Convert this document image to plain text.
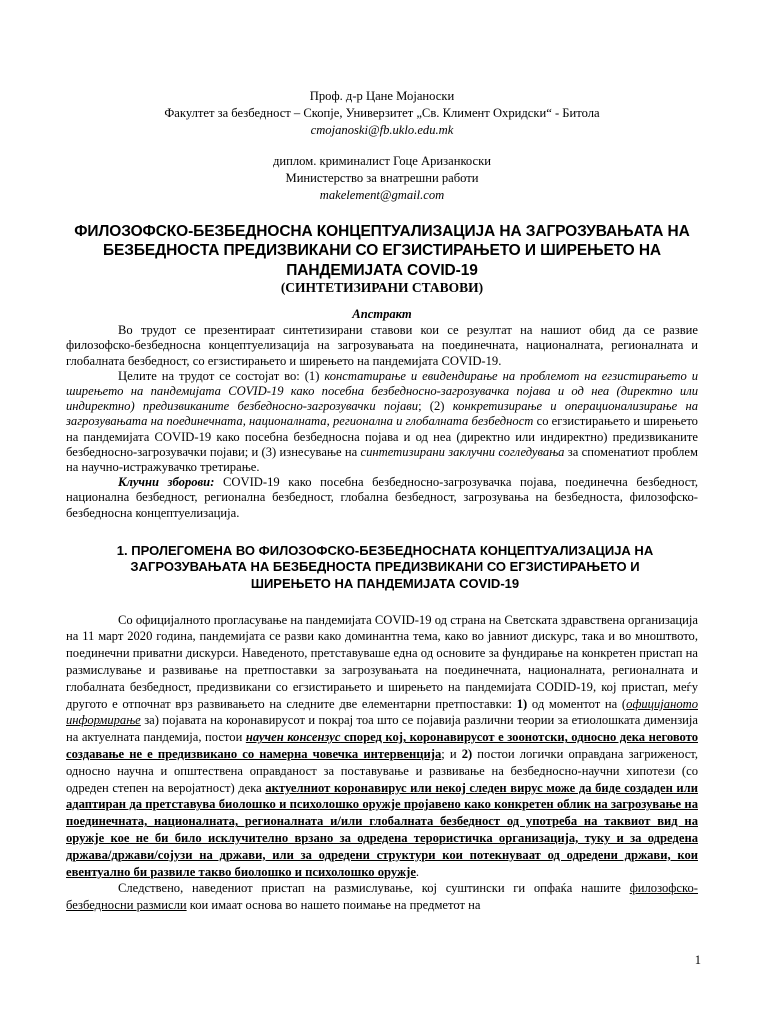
Проф. д-р Цане Мојаноски

Факултет за безбедност – Скопје, Универзитет „Св. Климент Охридски“ - Битола

cmojanoski@fb.uklo.edu.mk

диплом. криминалист Гоце Аризанкоски

Министерство за внатрешни работи

makelement@gmail.com

ФИЛОЗОФСКО-БЕЗБЕДНОСНА КОНЦЕПТУАЛИЗАЦИЈА НА ЗАГРОЗУВАЊАТА НА БЕЗБЕДНОСТА ПРЕДИЗВИКАНИ СО ЕГЗИСТИРАЊЕТО И ШИРЕЊЕТО НА ПАНДЕМИЈАТА COVID-19
(СИНТЕТИЗИРАНИ СТАВОВИ)
Апстракт

Во трудот се презентираат синтетизирани ставови кои се резултат на нашиот обид да се развие филозофско-безбедносна концептуелизација на загрозувањата на поединечната, националната, регионалната и глобалната безбедност, со егзистирањето и ширењето на пандемијата COVID-19.

Целите на трудот се состојат во: (1) констатирање и евидендирање на проблемот на егзистирањето и ширењето на пандемијата COVID-19 како посебна безбедносно-загрозувачка појава и од неа (директно или индиректно) предизвиканите безбедносно-загрозувачки појави; (2) конкретизирање и операционализирање на загрозувањата на поединечната, националната, регионална и глобалната безбедност со егзистирањето и ширењето на пандемијата COVID-19 како посебна безбедносна појава и од неа (директно или индиректно) предизвиканите безбедносно-загрозувачки појави; и (3) изнесување на синтетизирани заклучни согледувања за споменатиот проблем на научно-истражувачко третирање.

Клучни зборови: COVID-19 како посебна безбедносно-загрозувачка појава, поединечна безбедност, национална безбедност, регионална безбедност, глобална безбедност, загрозувања на безбедноста, филозофско-безбедносна концептуелизација.

1. ПРОЛЕГОМЕНА ВО ФИЛОЗОФСКО-БЕЗБЕДНОСНАТА КОНЦЕПТУАЛИЗАЦИЈА НА ЗАГРОЗУВАЊАТА НА БЕЗБЕДНОСТА ПРЕДИЗВИКАНИ СО ЕГЗИСТИРАЊЕТО И ШИРЕЊЕТО НА ПАНДЕМИЈАТА COVID-19

Со официјалното прогласување на пандемијата COVID-19 од страна на Светската здравствена организација на 11 март 2020 година, пандемијата се разви како доминантна тема, како во јавниот дискурс, така и во мноштвото, поединечни приватни дискурси. Наведеното, претставуваше една од основите за фундирање на конкретен пристап на размислување и развивање на претпоставки за загрозувањата на поединечната, националната, регионалната и глобалната безбедност, предизвикани со егзистирањето и ширењето на пандемијата CODID-19, кој пристап, меѓу другото е отпочнат врз развивањето на следните две елементарни претпоставки: 1) од моментот на (официјаното информирање за) појавата на коронавирусот и покрај тоа што се појавија различни теории за етиолошката димензија на актуелната пандемија, постои научен консензус според кој, коронавирусот е зоонотски, односно дека неговото создавање не е предизвикано со намерна човечка интервенција; и 2) постои логички оправдана загриженост, односно научна и општествена оправданост за поставување и развивање на безбедносно-научни хипотези (со одреден степен на веројатност) дека актуелниот коронавирус или некој следен вирус може да биде создаден или адаптиран да претставува биолошко и психолошко оружје пројавено како конкретен облик на загрозување на поединечната, националната, регионалната и/или глобалната безбедност од употреба на таквиот вид на оружје кое не би било исклучително врзано за одредена терористичка организација, туку и за одредена држава/држави/сојузи на држави, или за одредени структури кои потекнуваат од одредени држави, кои евентуално би развиле такво биолошко и психолошко оружје.

Следствено, наведениот пристап на размислување, кој суштински ги опфаќа нашите филозофско-безбедносни размисли кои имаат основа во нашето поимање на предметот на

1
